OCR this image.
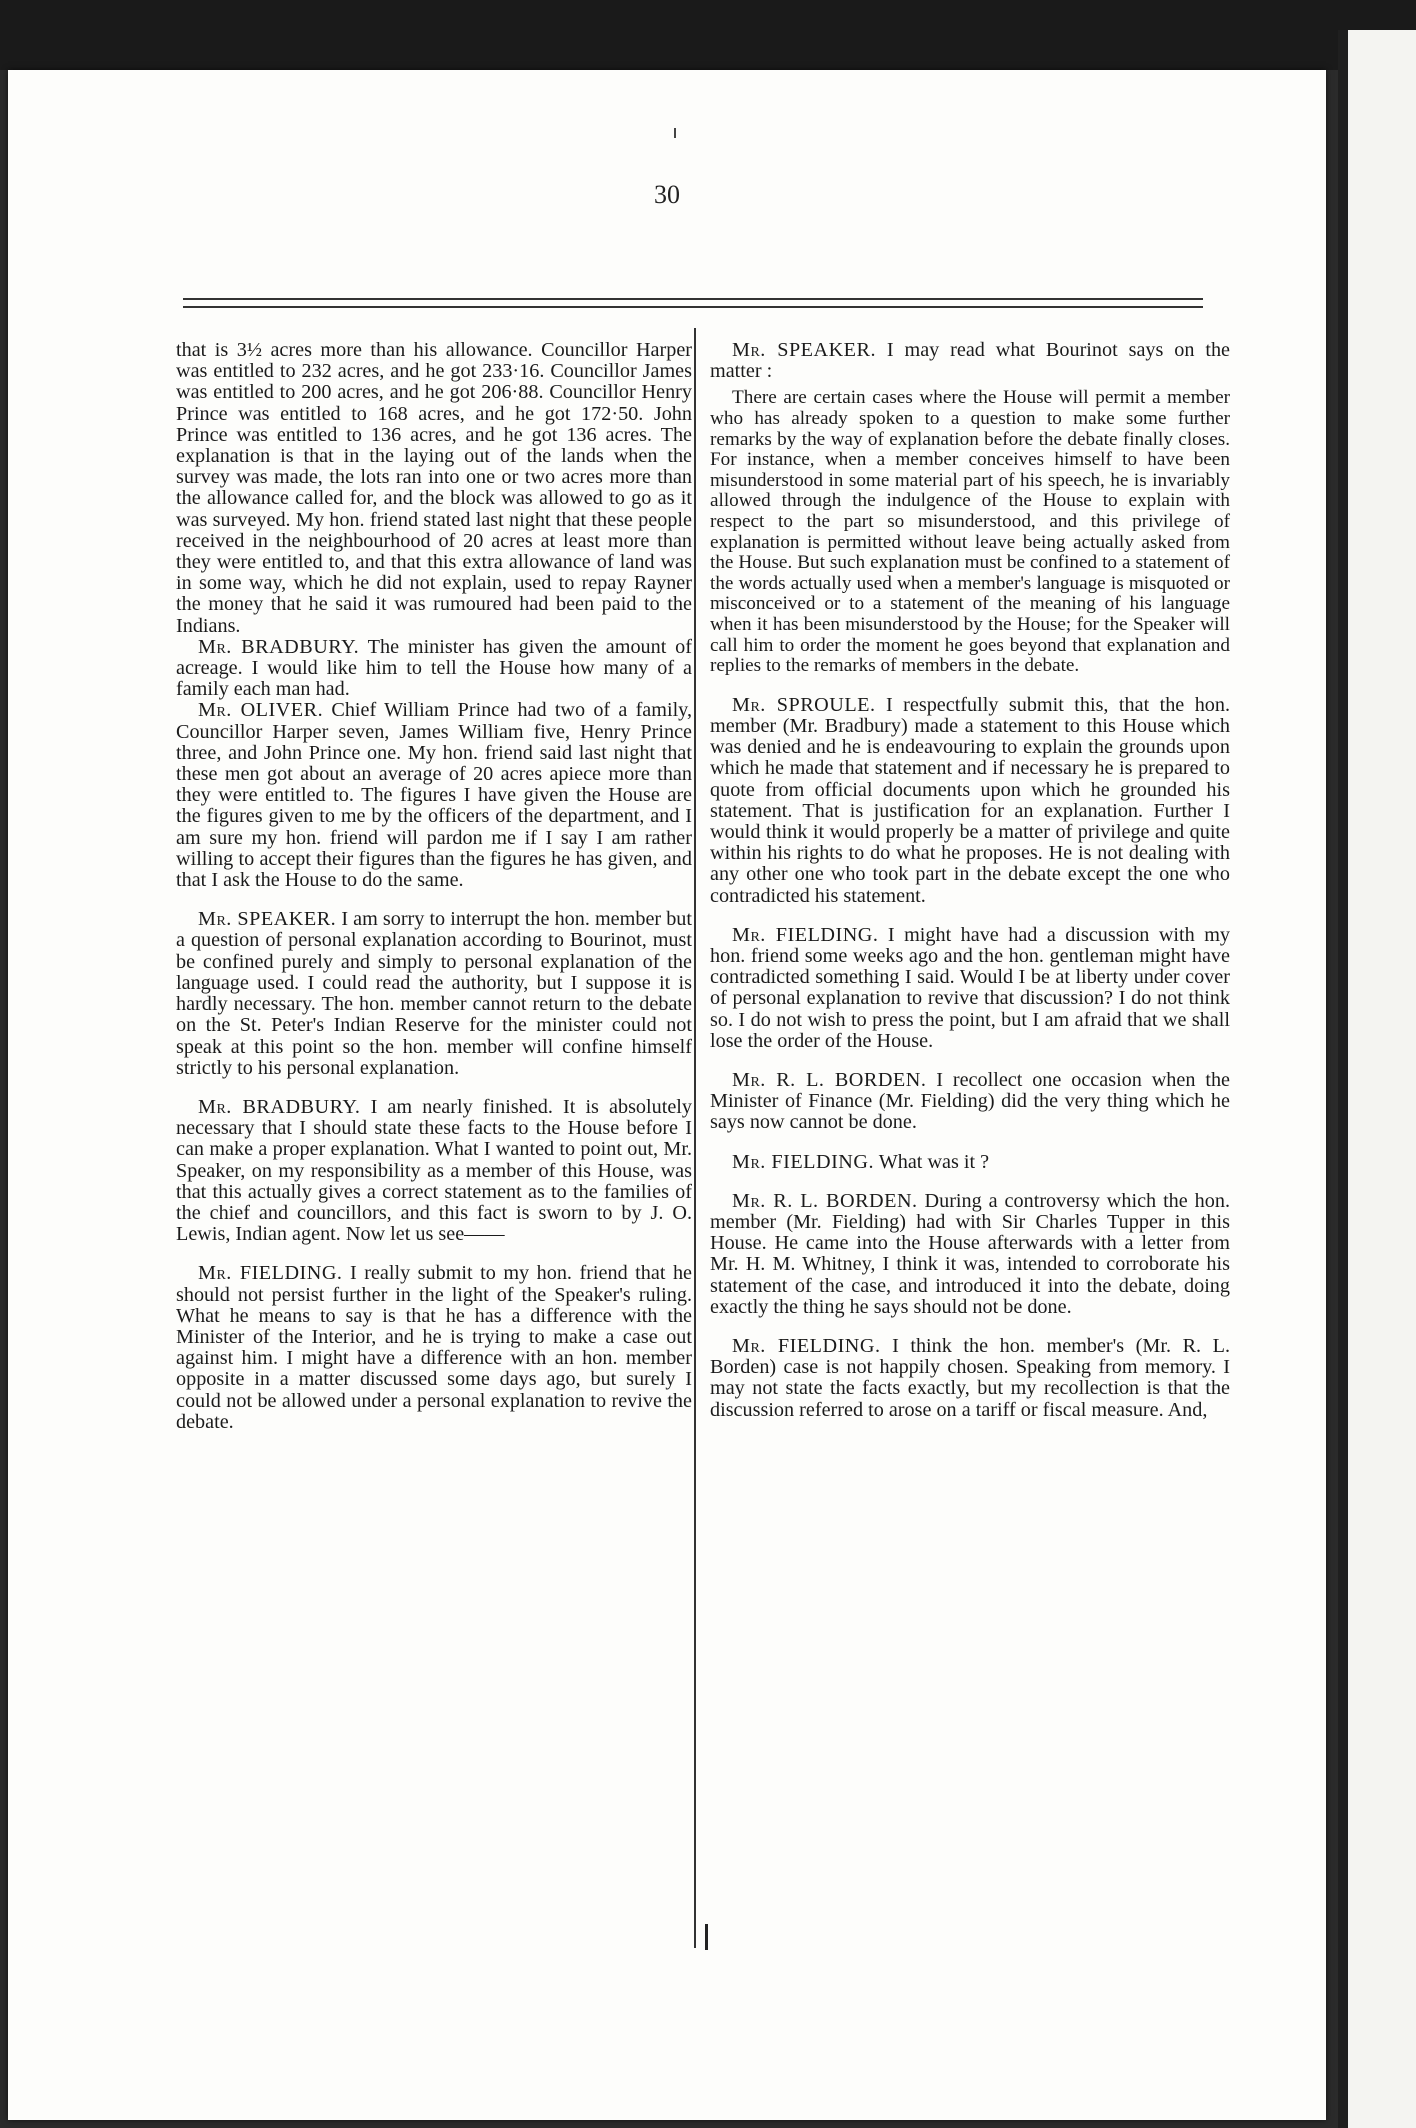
30

that is 3½ acres more than his allowance. Councillor Harper was entitled to 232 acres, and he got 233·16. Councillor James was entitled to 200 acres, and he got 206·88. Councillor Henry Prince was entitled to 168 acres, and he got 172·50. John Prince was entitled to 136 acres, and he got 136 acres. The explanation is that in the laying out of the lands when the survey was made, the lots ran into one or two acres more than the allowance called for, and the block was allowed to go as it was surveyed. My hon. friend stated last night that these people received in the neighbourhood of 20 acres at least more than they were entitled to, and that this extra allowance of land was in some way, which he did not explain, used to repay Rayner the money that he said it was rumoured had been paid to the Indians.

Mr. BRADBURY. The minister has given the amount of acreage. I would like him to tell the House how many of a family each man had.

Mr. OLIVER. Chief William Prince had two of a family, Councillor Harper seven, James William five, Henry Prince three, and John Prince one. My hon. friend said last night that these men got about an average of 20 acres apiece more than they were entitled to. The figures I have given the House are the figures given to me by the officers of the department, and I am sure my hon. friend will pardon me if I say I am rather willing to accept their figures than the figures he has given, and that I ask the House to do the same.

Mr. SPEAKER. I am sorry to interrupt the hon. member but a question of personal explanation according to Bourinot, must be confined purely and simply to personal explanation of the language used. I could read the authority, but I suppose it is hardly necessary. The hon. member cannot return to the debate on the St. Peter's Indian Reserve for the minister could not speak at this point so the hon. member will confine himself strictly to his personal explanation.

Mr. BRADBURY. I am nearly finished. It is absolutely necessary that I should state these facts to the House before I can make a proper explanation. What I wanted to point out, Mr. Speaker, on my responsibility as a member of this House, was that this actually gives a correct statement as to the families of the chief and councillors, and this fact is sworn to by J. O. Lewis, Indian agent. Now let us see——

Mr. FIELDING. I really submit to my hon. friend that he should not persist further in the light of the Speaker's ruling. What he means to say is that he has a difference with the Minister of the Interior, and he is trying to make a case out against him. I might have a difference with an hon. member opposite in a matter discussed some days ago, but surely I could not be allowed under a personal explanation to revive the debate.

Mr. SPEAKER. I may read what Bourinot says on the matter :

There are certain cases where the House will permit a member who has already spoken to a question to make some further remarks by the way of explanation before the debate finally closes. For instance, when a member conceives himself to have been misunderstood in some material part of his speech, he is invariably allowed through the indulgence of the House to explain with respect to the part so misunderstood, and this privilege of explanation is permitted without leave being actually asked from the House. But such explanation must be confined to a statement of the words actually used when a member's language is misquoted or misconceived or to a statement of the meaning of his language when it has been misunderstood by the House; for the Speaker will call him to order the moment he goes beyond that explanation and replies to the remarks of members in the debate.

Mr. SPROULE. I respectfully submit this, that the hon. member (Mr. Bradbury) made a statement to this House which was denied and he is endeavouring to explain the grounds upon which he made that statement and if necessary he is prepared to quote from official documents upon which he grounded his statement. That is justification for an explanation. Further I would think it would properly be a matter of privilege and quite within his rights to do what he proposes. He is not dealing with any other one who took part in the debate except the one who contradicted his statement.

Mr. FIELDING. I might have had a discussion with my hon. friend some weeks ago and the hon. gentleman might have contradicted something I said. Would I be at liberty under cover of personal explanation to revive that discussion? I do not think so. I do not wish to press the point, but I am afraid that we shall lose the order of the House.

Mr. R. L. BORDEN. I recollect one occasion when the Minister of Finance (Mr. Fielding) did the very thing which he says now cannot be done.

Mr. FIELDING. What was it ?

Mr. R. L. BORDEN. During a controversy which the hon. member (Mr. Fielding) had with Sir Charles Tupper in this House. He came into the House afterwards with a letter from Mr. H. M. Whitney, I think it was, intended to corroborate his statement of the case, and introduced it into the debate, doing exactly the thing he says should not be done.

Mr. FIELDING. I think the hon. member's (Mr. R. L. Borden) case is not happily chosen. Speaking from memory. I may not state the facts exactly, but my recollection is that the discussion referred to arose on a tariff or fiscal measure. And,
